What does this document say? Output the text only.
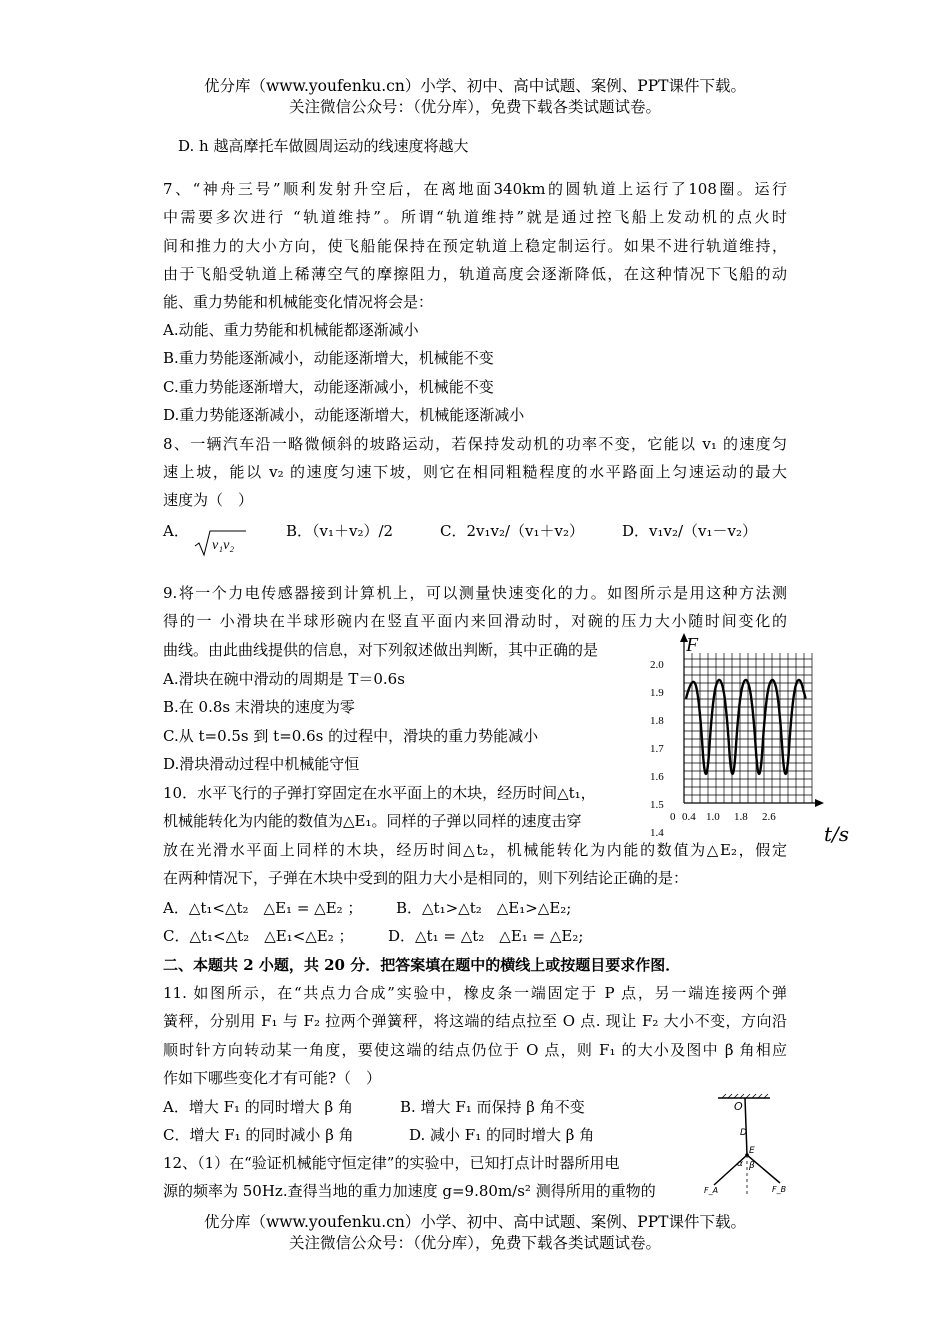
优分库（www.youfenku.cn）小学、初中、高中试题、案例、PPT课件下载。
关注微信公众号：（优分库），免费下载各类试题试卷。
D. h 越高摩托车做圆周运动的线速度将越大
7、“神舟三号”顺利发射升空后，在离地面340km的圆轨道上运行了108圈。运行
中需要多次进行 “轨道维持”。所谓“轨道维持”就是通过控飞船上发动机的点火时
间和推力的大小方向，使飞船能保持在预定轨道上稳定制运行。如果不进行轨道维持，
由于飞船受轨道上稀薄空气的摩擦阻力，轨道高度会逐渐降低，在这种情况下飞船的动
能、重力势能和机械能变化情况将会是：
A.动能、重力势能和机械能都逐渐减小
B.重力势能逐渐减小，动能逐渐增大，机械能不变
C.重力势能逐渐增大，动能逐渐减小，机械能不变
D.重力势能逐渐减小，动能逐渐增大，机械能逐渐减小
8、一辆汽车沿一略微倾斜的坡路运动，若保持发动机的功率不变，它能以 v₁ 的速度匀
速上坡，能以 v₂ 的速度匀速下坡，则它在相同粗糙程度的水平路面上匀速运动的最大
速度为（　）
A．
v₁v₂
B．（v₁＋v₂）/2	C．2v₁v₂/（v₁＋v₂）	D．v₁v₂/（v₁－v₂）
9.将一个力电传感器接到计算机上，可以测量快速变化的力。如图所示是用这种方法测
得的一 小滑块在半球形碗内在竖直平面内来回滑动时，对碗的压力大小随时间变化的
曲线。由此曲线提供的信息，对下列叙述做出判断，其中正确的是
A.滑块在碗中滑动的周期是 T＝0.6s
B.在 0.8s 末滑块的速度为零
C.从 t=0.5s 到 t=0.6s 的过程中，滑块的重力势能减小
D.滑块滑动过程中机械能守恒
F
2.0
1.9
1.8
1.7
1.6
1.5
1.4
0 0.4 1.0 1.8 2.6
t/s
10．水平飞行的子弹打穿固定在水平面上的木块，经历时间△t₁，
机械能转化为内能的数值为△E₁。同样的子弹以同样的速度击穿
放在光滑水平面上同样的木块，经历时间△t₂，机械能转化为内能的数值为△E₂，假定
在两种情况下，子弹在木块中受到的阻力大小是相同的，则下列结论正确的是：
A．△t₁<△t₂　△E₁ = △E₂ ； B．△t₁>△t₂　△E₁>△E₂;
C．△t₁<△t₂　△E₁<△E₂ ； D．△t₁ = △t₂　△E₁ = △E₂;
二、本题共 2 小题，共 20 分．把答案填在题中的横线上或按题目要求作图．
11. 如图所示，在“共点力合成”实验中，橡皮条一端固定于 P 点，另一端连接两个弹
簧秤，分别用 F₁ 与 F₂ 拉两个弹簧秤，将这端的结点拉至 O 点. 现让 F₂ 大小不变，方向沿
顺时针方向转动某一角度，要使这端的结点仍位于 O 点，则 F₁ 的大小及图中 β 角相应
作如下哪些变化才有可能?（　）
A．增大 F₁ 的同时增大 β 角	B. 增大 F₁ 而保持 β 角不变
C．增大 F₁ 的同时减小 β 角	D. 减小 F₁ 的同时增大 β 角
O
D
E
α β
F_A	F_B
12、（1）在“验证机械能守恒定律”的实验中，已知打点计时器所用电
源的频率为 50Hz.查得当地的重力加速度 g=9.80m/s² 测得所用的重物的
优分库（www.youfenku.cn）小学、初中、高中试题、案例、PPT课件下载。
关注微信公众号：（优分库），免费下载各类试题试卷。
